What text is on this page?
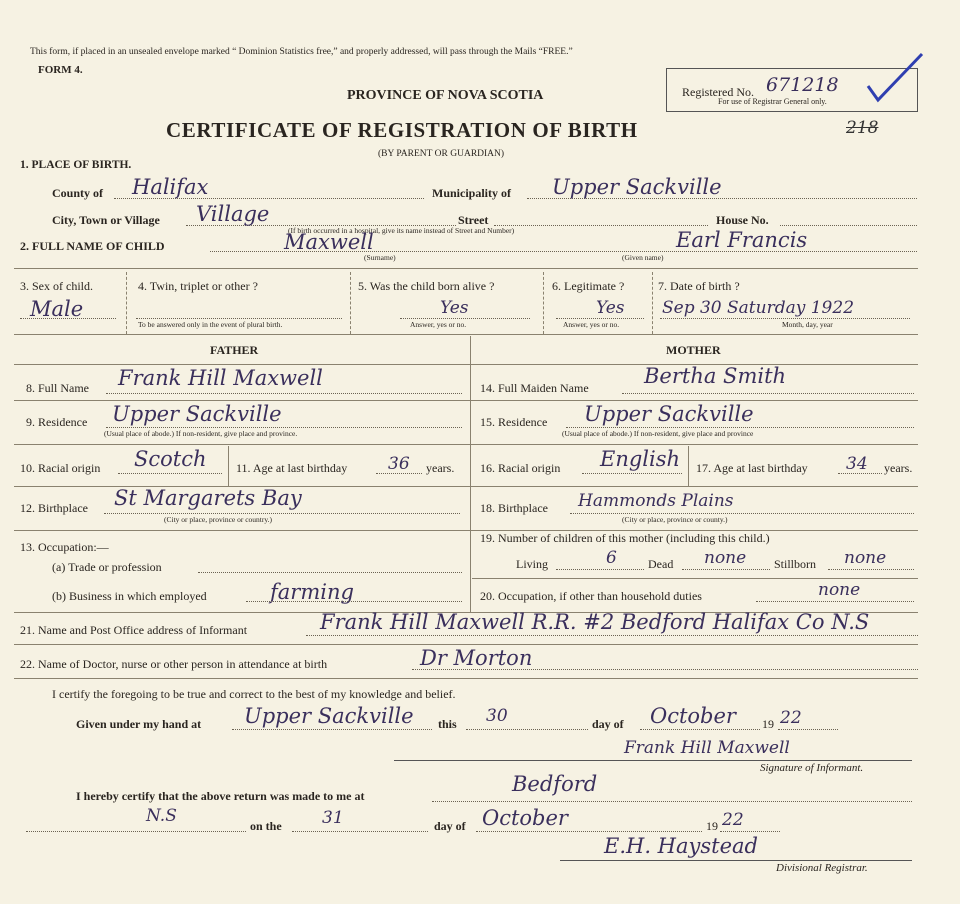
This form, if placed in an unsealed envelope marked “ Dominion Statistics free,” and properly addressed, will pass through the Mails “FREE.”
FORM 4.
PROVINCE OF NOVA SCOTIA
CERTIFICATE OF REGISTRATION OF BIRTH
(BY PARENT OR GUARDIAN)
Registered No. 671218
For use of Registrar General only.
218
1. PLACE OF BIRTH.
County of Halifax	Municipality of Upper Sackville
City, Town or Village Village	Street	House No.
(If birth occurred in a hospital, give its name instead of Street and Number)
2. FULL NAME OF CHILD	Maxwell
(Surname)
Earl Francis
(Given name)
3. Sex of child.
Male
4. Twin, triplet or other ?
To be answered only in the event of plural birth.
5. Was the child born alive ?
Yes
Answer, yes or no.
6. Legitimate ?
Yes
Answer, yes or no.
7. Date of birth ?
Sep 30 Saturday 1922
Month, day, year
FATHER	MOTHER
8. Full Name Frank Hill Maxwell	14. Full Maiden Name	Bertha Smith
9. Residence Upper Sackville
(Usual place of abode.) If non-resident, give place and province.
15. Residence Upper Sackville
(Usual place of abode.) If non-resident, give place and province
10. Racial origin Scotch 11. Age at last birthday 36 years. 16. Racial origin English 17. Age at last birthday 34 years.
12. Birthplace St Margarets Bay
(City or place, province or country.)
18. Birthplace Hammonds Plains
(City or place, province or county.)
13. Occupation:—
(a) Trade or profession
(b) Business in which employed	farming
19. Number of children of this mother (including this child.)
Living	6	Dead none Stillborn none
20. Occupation, if other than household duties	none
21. Name and Post Office address of Informant	Frank Hill Maxwell R.R. #2 Bedford Halifax Co N.S
22. Name of Doctor, nurse or other person in attendance at birth	Dr Morton
I certify the foregoing to be true and correct to the best of my knowledge and belief.
Given under my hand at Upper Sackville this 30	day of October 19 22
Frank Hill Maxwell
Signature of Informant.
I hereby certify that the above return was made to me at	Bedford
N.S	on the 31	day of October	19 22
E.H. Haystead
Divisional Registrar.
